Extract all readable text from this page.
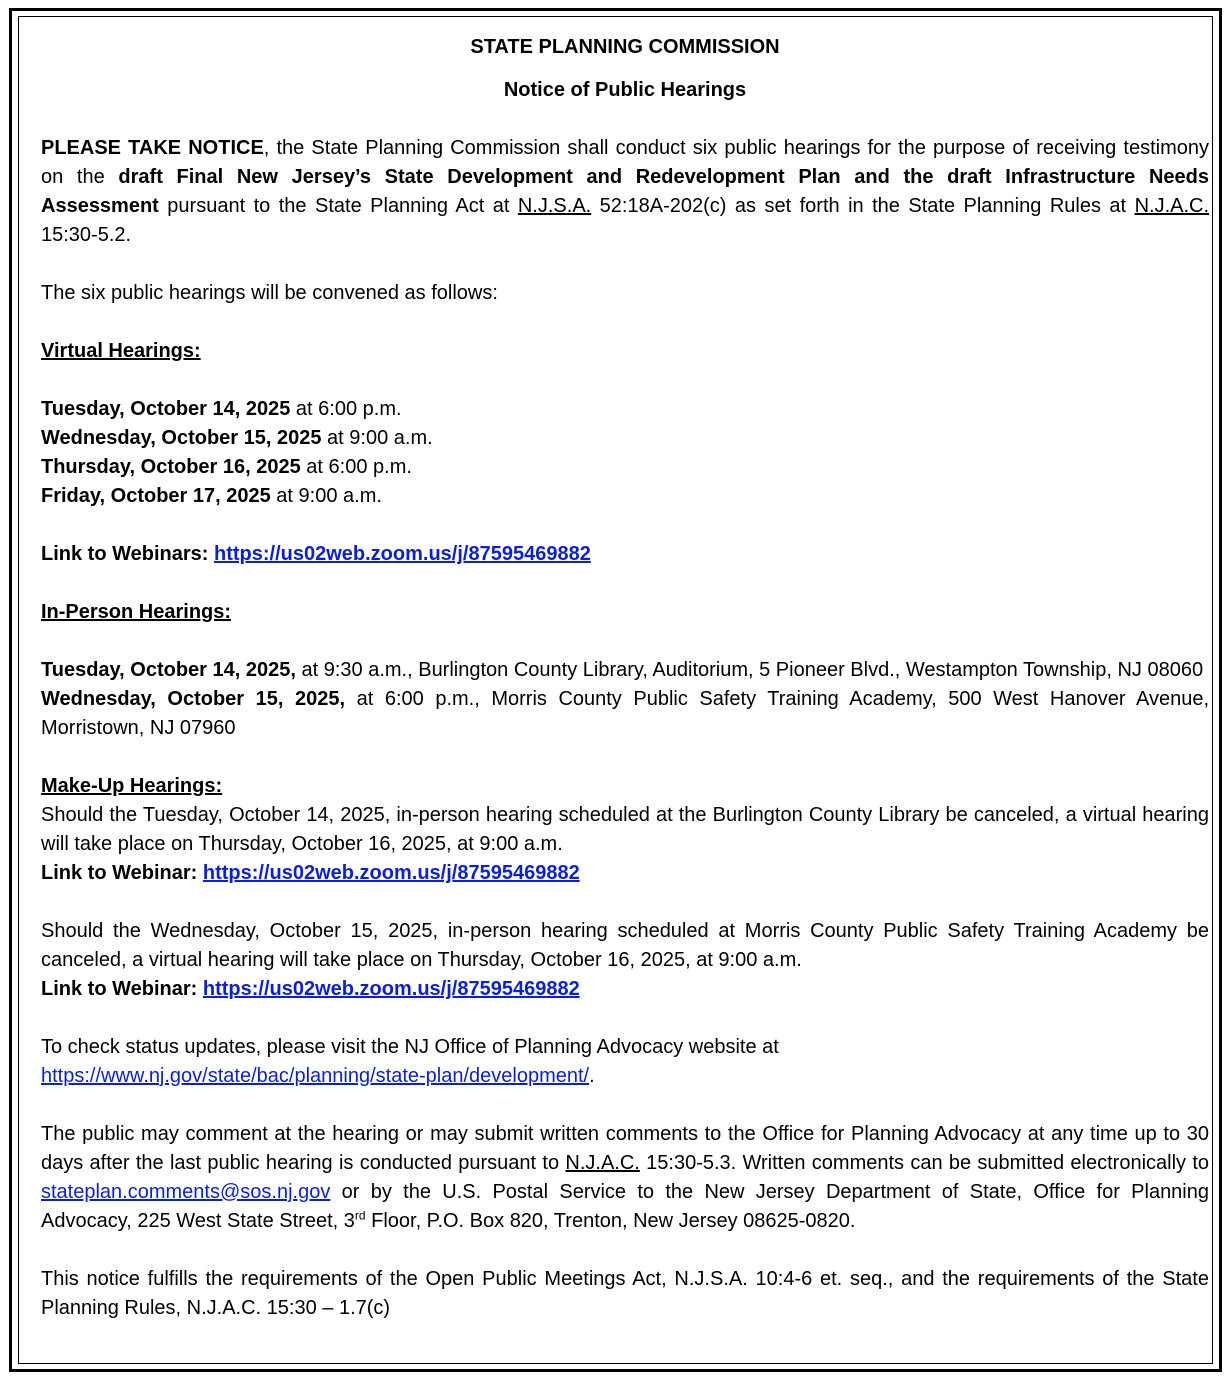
STATE PLANNING COMMISSION

Notice of Public Hearings

PLEASE TAKE NOTICE, the State Planning Commission shall conduct six public hearings for the purpose of receiving testimony on the draft Final New Jersey’s State Development and Redevelopment Plan and the draft Infrastructure Needs Assessment pursuant to the State Planning Act at N.J.S.A. 52:18A-202(c) as set forth in the State Planning Rules at N.J.A.C. 15:30-5.2.

The six public hearings will be convened as follows:

Virtual Hearings:

Tuesday, October 14, 2025 at 6:00 p.m.

Wednesday, October 15, 2025 at 9:00 a.m.

Thursday, October 16, 2025 at 6:00 p.m.

Friday, October 17, 2025 at 9:00 a.m.

Link to Webinars: https://us02web.zoom.us/j/87595469882

In-Person Hearings:

Tuesday, October 14, 2025, at 9:30 a.m., Burlington County Library, Auditorium, 5 Pioneer Blvd., Westampton Township, NJ 08060

Wednesday, October 15, 2025, at 6:00 p.m., Morris County Public Safety Training Academy, 500 West Hanover Avenue, Morristown, NJ 07960

Make-Up Hearings:

Should the Tuesday, October 14, 2025, in-person hearing scheduled at the Burlington County Library be canceled, a virtual hearing will take place on Thursday, October 16, 2025, at 9:00 a.m.

Link to Webinar: https://us02web.zoom.us/j/87595469882

Should the Wednesday, October 15, 2025, in-person hearing scheduled at Morris County Public Safety Training Academy be canceled, a virtual hearing will take place on Thursday, October 16, 2025, at 9:00 a.m.

Link to Webinar: https://us02web.zoom.us/j/87595469882

To check status updates, please visit the NJ Office of Planning Advocacy website at

https://www.nj.gov/state/bac/planning/state-plan/development/.

The public may comment at the hearing or may submit written comments to the Office for Planning Advocacy at any time up to 30 days after the last public hearing is conducted pursuant to N.J.A.C. 15:30-5.3. Written comments can be submitted electronically to stateplan.comments@sos.nj.gov or by the U.S. Postal Service to the New Jersey Department of State, Office for Planning Advocacy, 225 West State Street, 3rd Floor, P.O. Box 820, Trenton, New Jersey 08625-0820.

This notice fulfills the requirements of the Open Public Meetings Act, N.J.S.A. 10:4-6 et. seq., and the requirements of the State Planning Rules, N.J.A.C. 15:30 – 1.7(c)
